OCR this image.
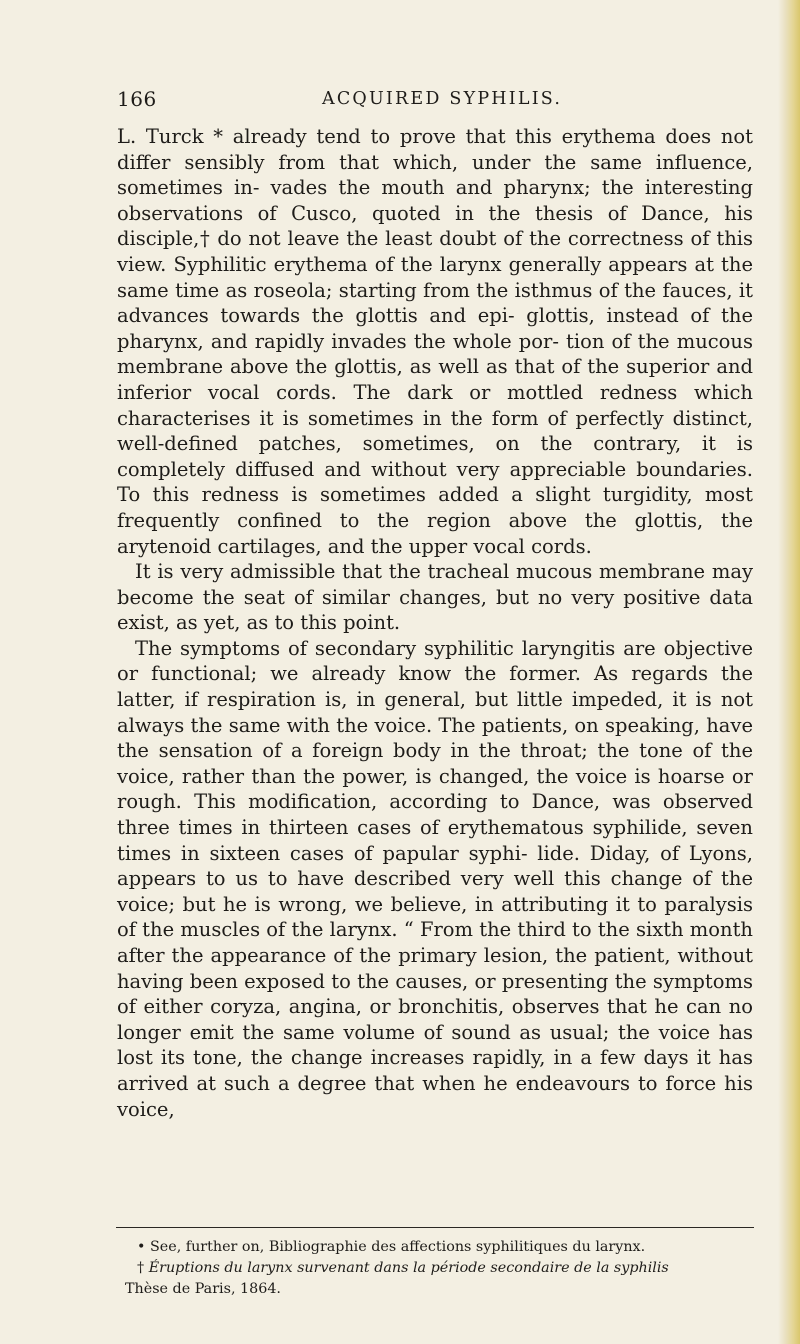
166	ACQUIRED SYPHILIS.

L. Turck * already tend to prove that this erythema does not differ sensibly from that which, under the same influence, sometimes in- vades the mouth and pharynx; the interesting observations of Cusco, quoted in the thesis of Dance, his disciple,† do not leave the least doubt of the correctness of this view. Syphilitic erythema of the larynx generally appears at the same time as roseola; starting from the isthmus of the fauces, it advances towards the glottis and epi- glottis, instead of the pharynx, and rapidly invades the whole por- tion of the mucous membrane above the glottis, as well as that of the superior and inferior vocal cords. The dark or mottled redness which characterises it is sometimes in the form of perfectly distinct, well-defined patches, sometimes, on the contrary, it is completely diffused and without very appreciable boundaries. To this redness is sometimes added a slight turgidity, most frequently confined to the region above the glottis, the arytenoid cartilages, and the upper vocal cords.

It is very admissible that the tracheal mucous membrane may become the seat of similar changes, but no very positive data exist, as yet, as to this point.

The symptoms of secondary syphilitic laryngitis are objective or functional; we already know the former. As regards the latter, if respiration is, in general, but little impeded, it is not always the same with the voice. The patients, on speaking, have the sensation of a foreign body in the throat; the tone of the voice, rather than the power, is changed, the voice is hoarse or rough. This modification, according to Dance, was observed three times in thirteen cases of erythematous syphilide, seven times in sixteen cases of papular syphi- lide. Diday, of Lyons, appears to us to have described very well this change of the voice; but he is wrong, we believe, in attributing it to paralysis of the muscles of the larynx. “ From the third to the sixth month after the appearance of the primary lesion, the patient, without having been exposed to the causes, or presenting the symptoms of either coryza, angina, or bronchitis, observes that he can no longer emit the same volume of sound as usual; the voice has lost its tone, the change increases rapidly, in a few days it has arrived at such a degree that when he endeavours to force his voice,

• See, further on, Bibliographie des affections syphilitiques du larynx.
† Éruptions du larynx survenant dans la période secondaire de la syphilis
Thèse de Paris, 1864.
